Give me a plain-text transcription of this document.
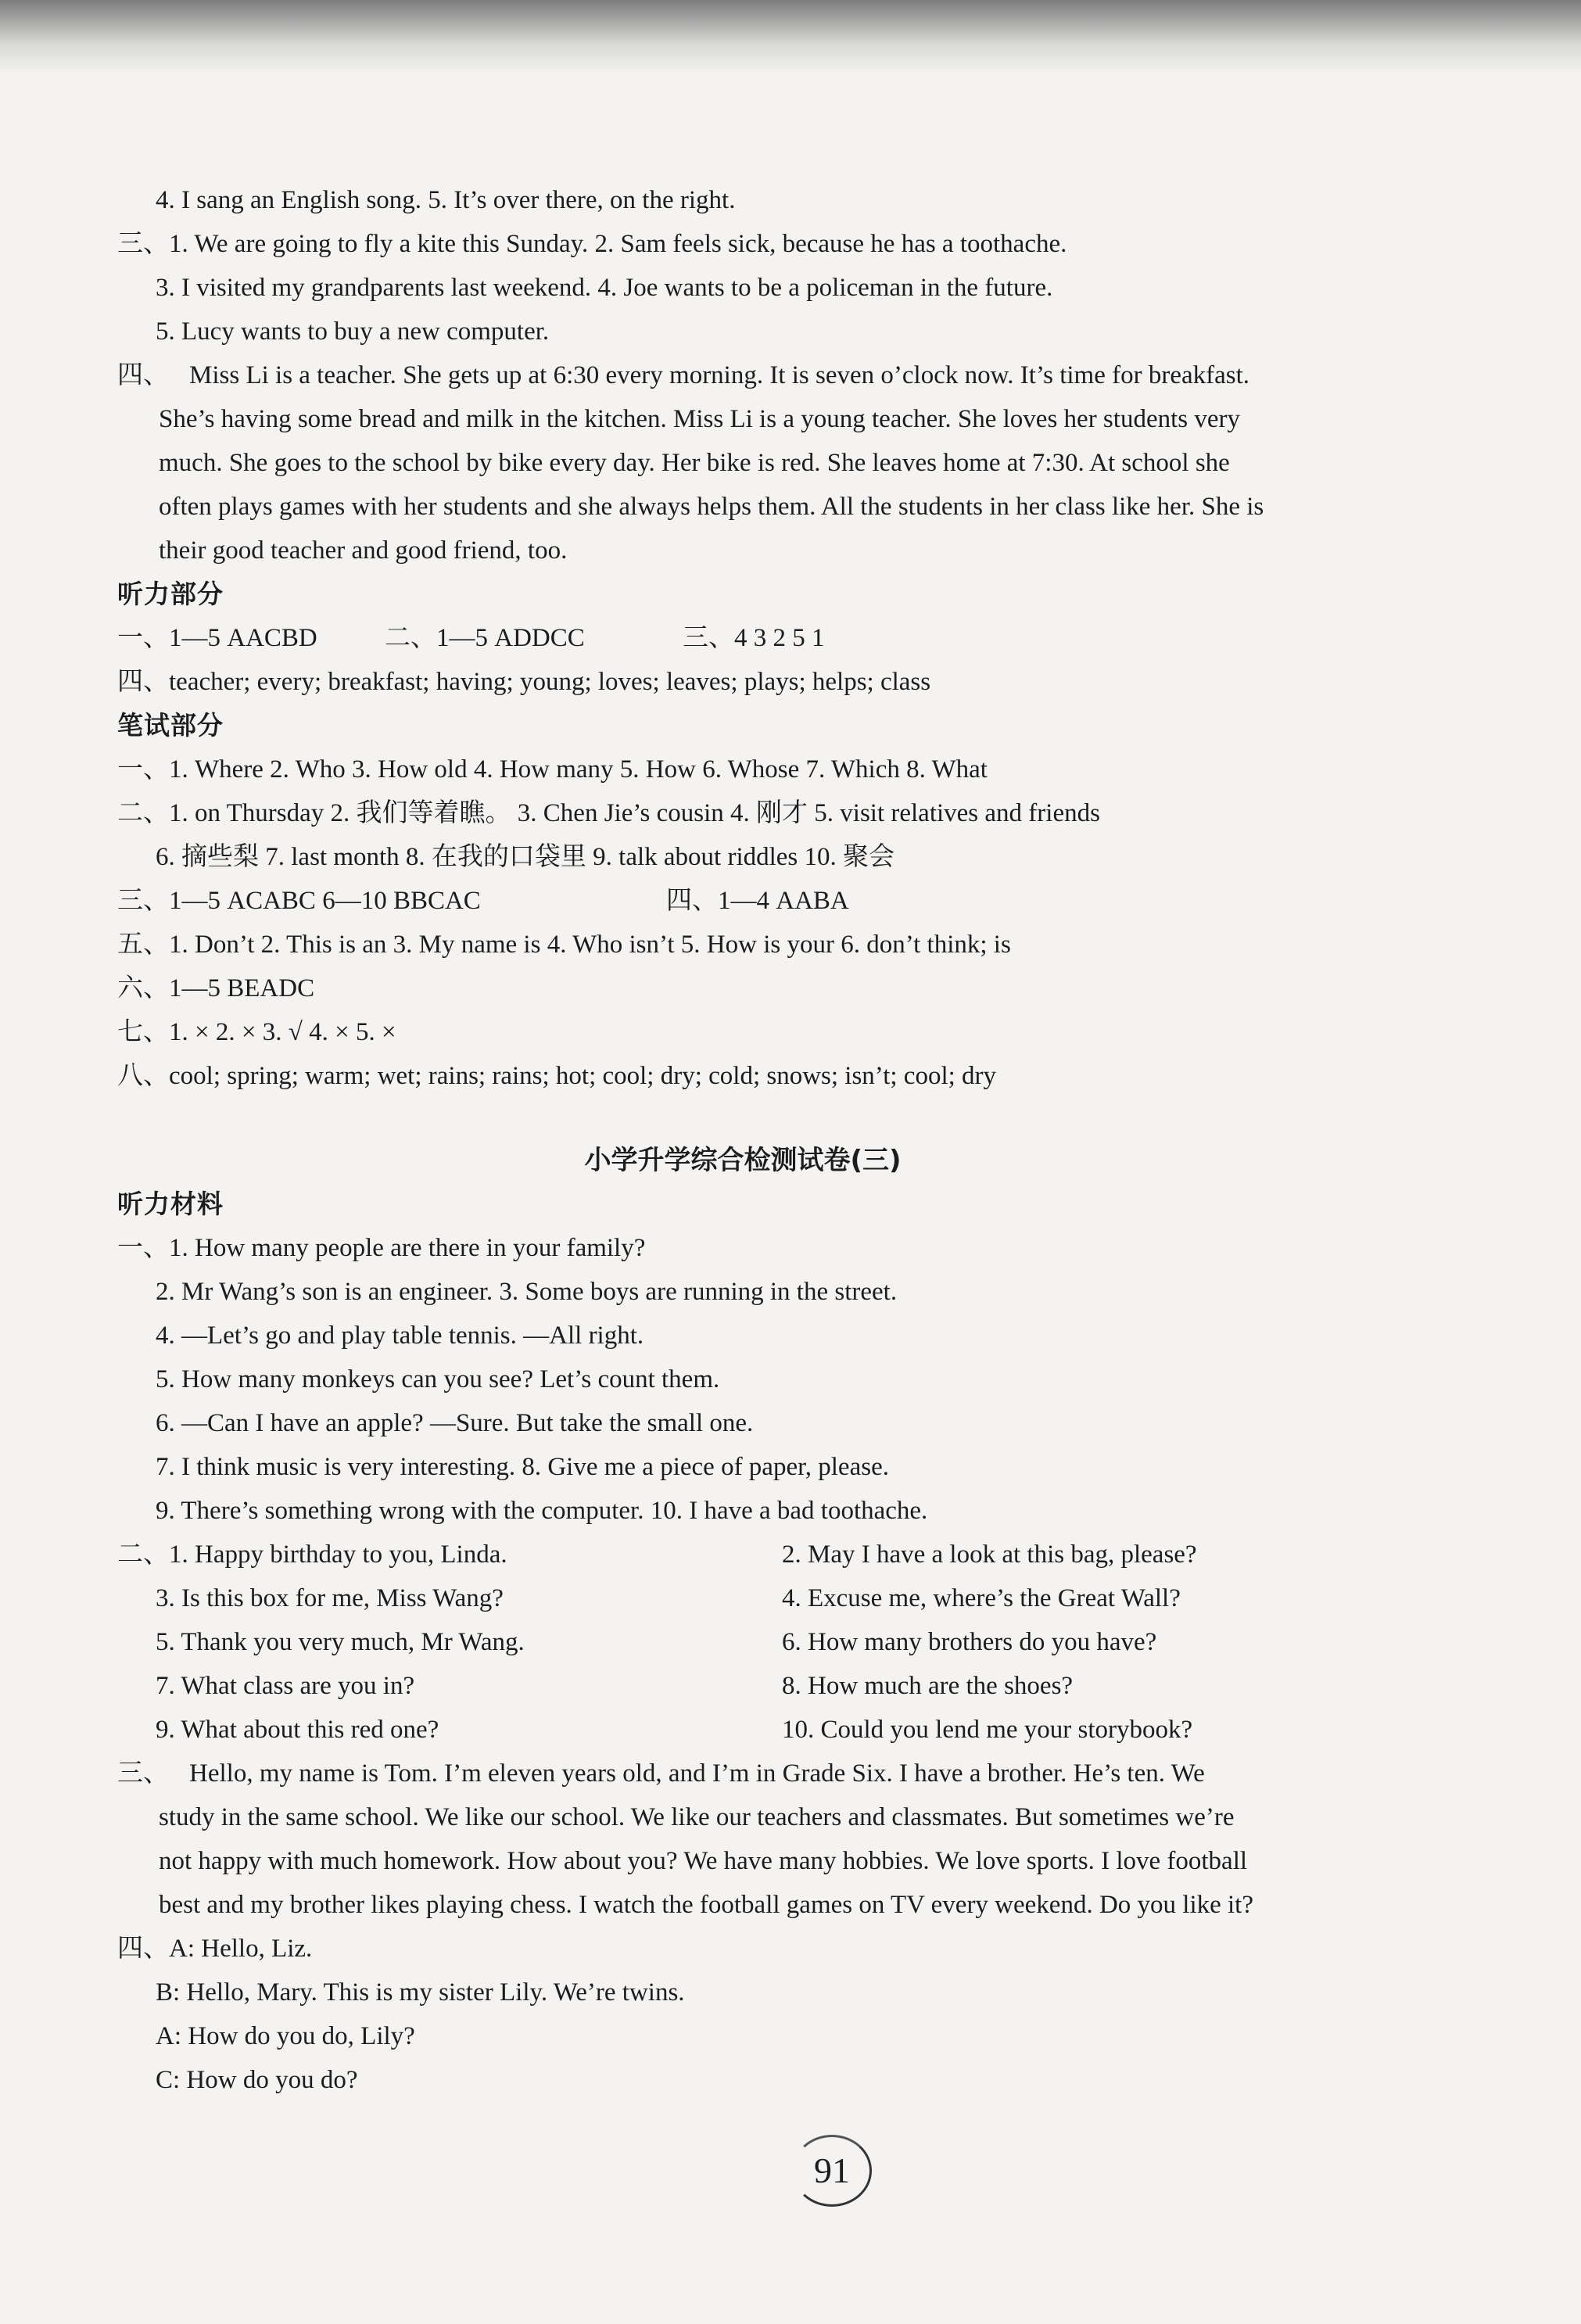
4. I sang an English song. 5. It’s over there, on the right.
三、1. We are going to fly a kite this Sunday. 2. Sam feels sick, because he has a toothache.
3. I visited my grandparents last weekend. 4. Joe wants to be a policeman in the future.
5. Lucy wants to buy a new computer.
四、 Miss Li is a teacher. She gets up at 6:30 every morning. It is seven o’clock now. It’s time for breakfast.
She’s having some bread and milk in the kitchen. Miss Li is a young teacher. She loves her students very
much. She goes to the school by bike every day. Her bike is red. She leaves home at 7:30. At school she
often plays games with her students and she always helps them. All the students in her class like her. She is
their good teacher and good friend, too.
听力部分
一、1—5 AACBD	二、1—5 ADDCC	三、4 3 2 5 1
四、teacher; every; breakfast; having; young; loves; leaves; plays; helps; class
笔试部分
一、1. Where 2. Who 3. How old 4. How many 5. How 6. Whose 7. Which 8. What
二、1. on Thursday 2. 我们等着瞧。 3. Chen Jie’s cousin 4. 刚才 5. visit relatives and friends
6. 摘些梨 7. last month 8. 在我的口袋里 9. talk about riddles 10. 聚会
三、1—5 ACABC 6—10 BBCAC	四、1—4 AABA
五、1. Don’t 2. This is an 3. My name is 4. Who isn’t 5. How is your 6. don’t think; is
六、1—5 BEADC
七、1. × 2. × 3. √ 4. × 5. ×
八、cool; spring; warm; wet; rains; rains; hot; cool; dry; cold; snows; isn’t; cool; dry
小学升学综合检测试卷(三)
听力材料
一、1. How many people are there in your family?
2. Mr Wang’s son is an engineer. 3. Some boys are running in the street.
4. —Let’s go and play table tennis. —All right.
5. How many monkeys can you see? Let’s count them.
6. —Can I have an apple? —Sure. But take the small one.
7. I think music is very interesting. 8. Give me a piece of paper, please.
9. There’s something wrong with the computer. 10. I have a bad toothache.
二、1. Happy birthday to you, Linda.	2. May I have a look at this bag, please?
3. Is this box for me, Miss Wang?	4. Excuse me, where’s the Great Wall?
5. Thank you very much, Mr Wang.	6. How many brothers do you have?
7. What class are you in?	8. How much are the shoes?
9. What about this red one?	10. Could you lend me your storybook?
三、 Hello, my name is Tom. I’m eleven years old, and I’m in Grade Six. I have a brother. He’s ten. We
study in the same school. We like our school. We like our teachers and classmates. But sometimes we’re
not happy with much homework. How about you? We have many hobbies. We love sports. I love football
best and my brother likes playing chess. I watch the football games on TV every weekend. Do you like it?
四、A: Hello, Liz.
B: Hello, Mary. This is my sister Lily. We’re twins.
A: How do you do, Lily?
C: How do you do?
91
